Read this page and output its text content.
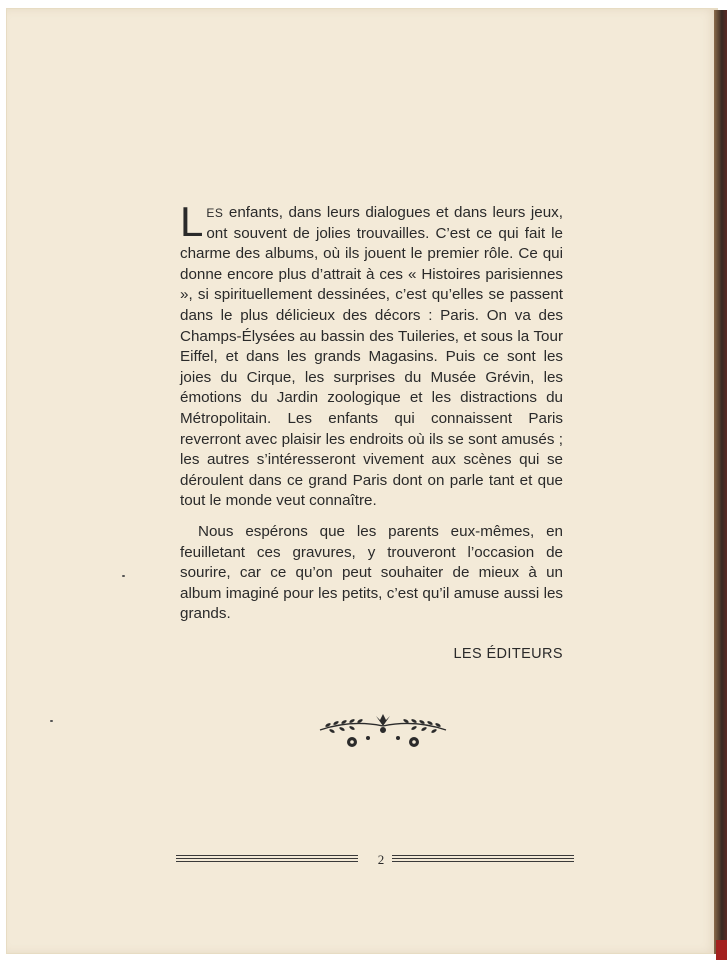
LES enfants, dans leurs dialogues et dans leurs jeux, ont souvent de jolies trouvailles. C’est ce qui fait le charme des albums, où ils jouent le premier rôle. Ce qui donne encore plus d’attrait à ces « Histoires parisiennes », si spirituellement dessinées, c’est qu’elles se passent dans le plus délicieux des décors : Paris. On va des Champs-Élysées au bassin des Tuileries, et sous la Tour Eiffel, et dans les grands Magasins. Puis ce sont les joies du Cirque, les surprises du Musée Grévin, les émotions du Jardin zoologique et les distractions du Métropolitain. Les enfants qui connaissent Paris reverront avec plaisir les endroits où ils se sont amusés ; les autres s’intéresseront vivement aux scènes qui se déroulent dans ce grand Paris dont on parle tant et que tout le monde veut connaître.

Nous espérons que les parents eux-mêmes, en feuilletant ces gravures, y trouveront l’occasion de sourire, car ce qu’on peut souhaiter de mieux à un album imaginé pour les petits, c’est qu’il amuse aussi les grands.

LES ÉDITEURS
2
